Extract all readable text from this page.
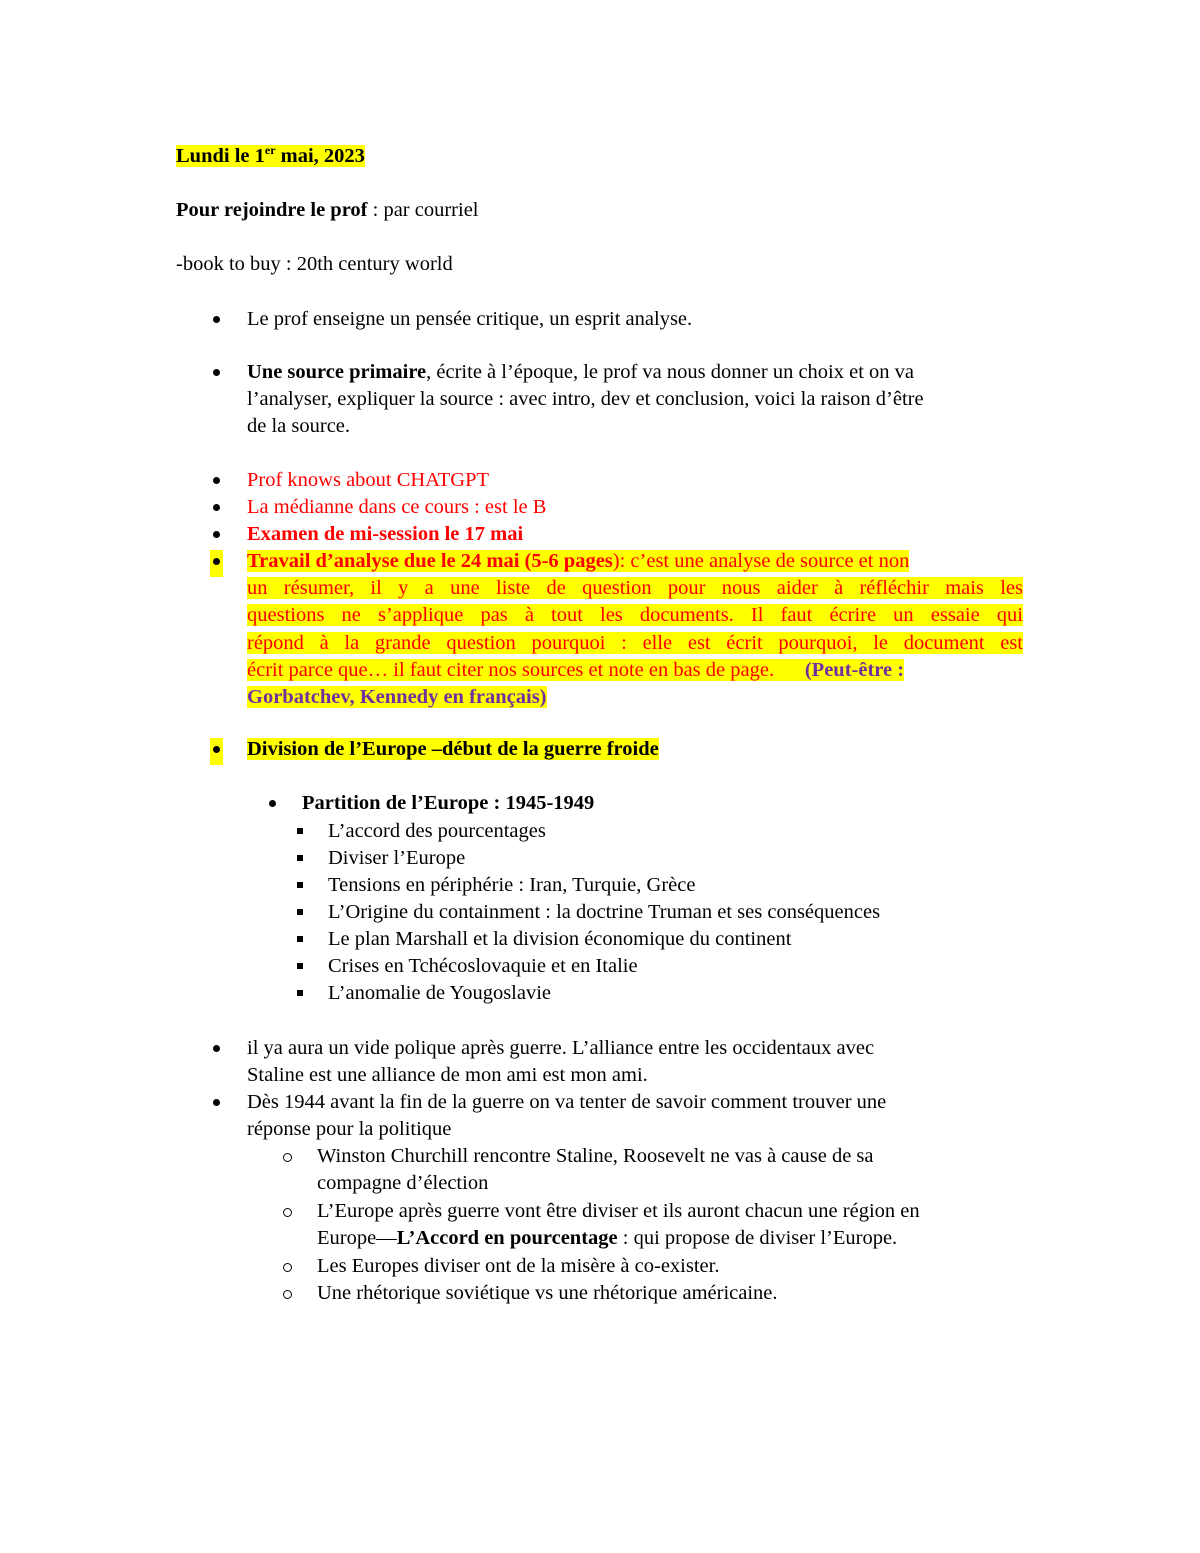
Lundi le 1er mai, 2023
Pour rejoindre le prof : par courriel
-book to buy : 20th century world
Le prof enseigne un pensée critique, un esprit analyse.
Une source primaire, écrite à l’époque, le prof va nous donner un choix et on va
l’analyser, expliquer la source : avec intro, dev et conclusion, voici la raison d’être
de la source.
Prof knows about CHATGPT
La médianne dans ce cours : est le B
Examen de mi-session le 17 mai
Travail d’analyse due le 24 mai (5-6 pages): c’est une analyse de source et non
un résumer, il y a une liste de question pour nous aider à réfléchir mais les
questions ne s’applique pas à tout les documents. Il faut écrire un essaie qui
répond à la grande question pourquoi : elle est écrit pourquoi, le document est
écrit parce que… il faut citer nos sources et note en bas de page. (Peut-être :
Gorbatchev, Kennedy en français)
Division de l’Europe –début de la guerre froide
Partition de l’Europe : 1945-1949
L’accord des pourcentages
Diviser l’Europe
Tensions en périphérie : Iran, Turquie, Grèce
L’Origine du containment : la doctrine Truman et ses conséquences
Le plan Marshall et la division économique du continent
Crises en Tchécoslovaquie et en Italie
L’anomalie de Yougoslavie
il ya aura un vide polique après guerre. L’alliance entre les occidentaux avec
Staline est une alliance de mon ami est mon ami.
Dès 1944 avant la fin de la guerre on va tenter de savoir comment trouver une
réponse pour la politique
Winston Churchill rencontre Staline, Roosevelt ne vas à cause de sa
compagne d’élection
L’Europe après guerre vont être diviser et ils auront chacun une région en
Europe—L’Accord en pourcentage : qui propose de diviser l’Europe.
Les Europes diviser ont de la misère à co-exister.
Une rhétorique soviétique vs une rhétorique américaine.
